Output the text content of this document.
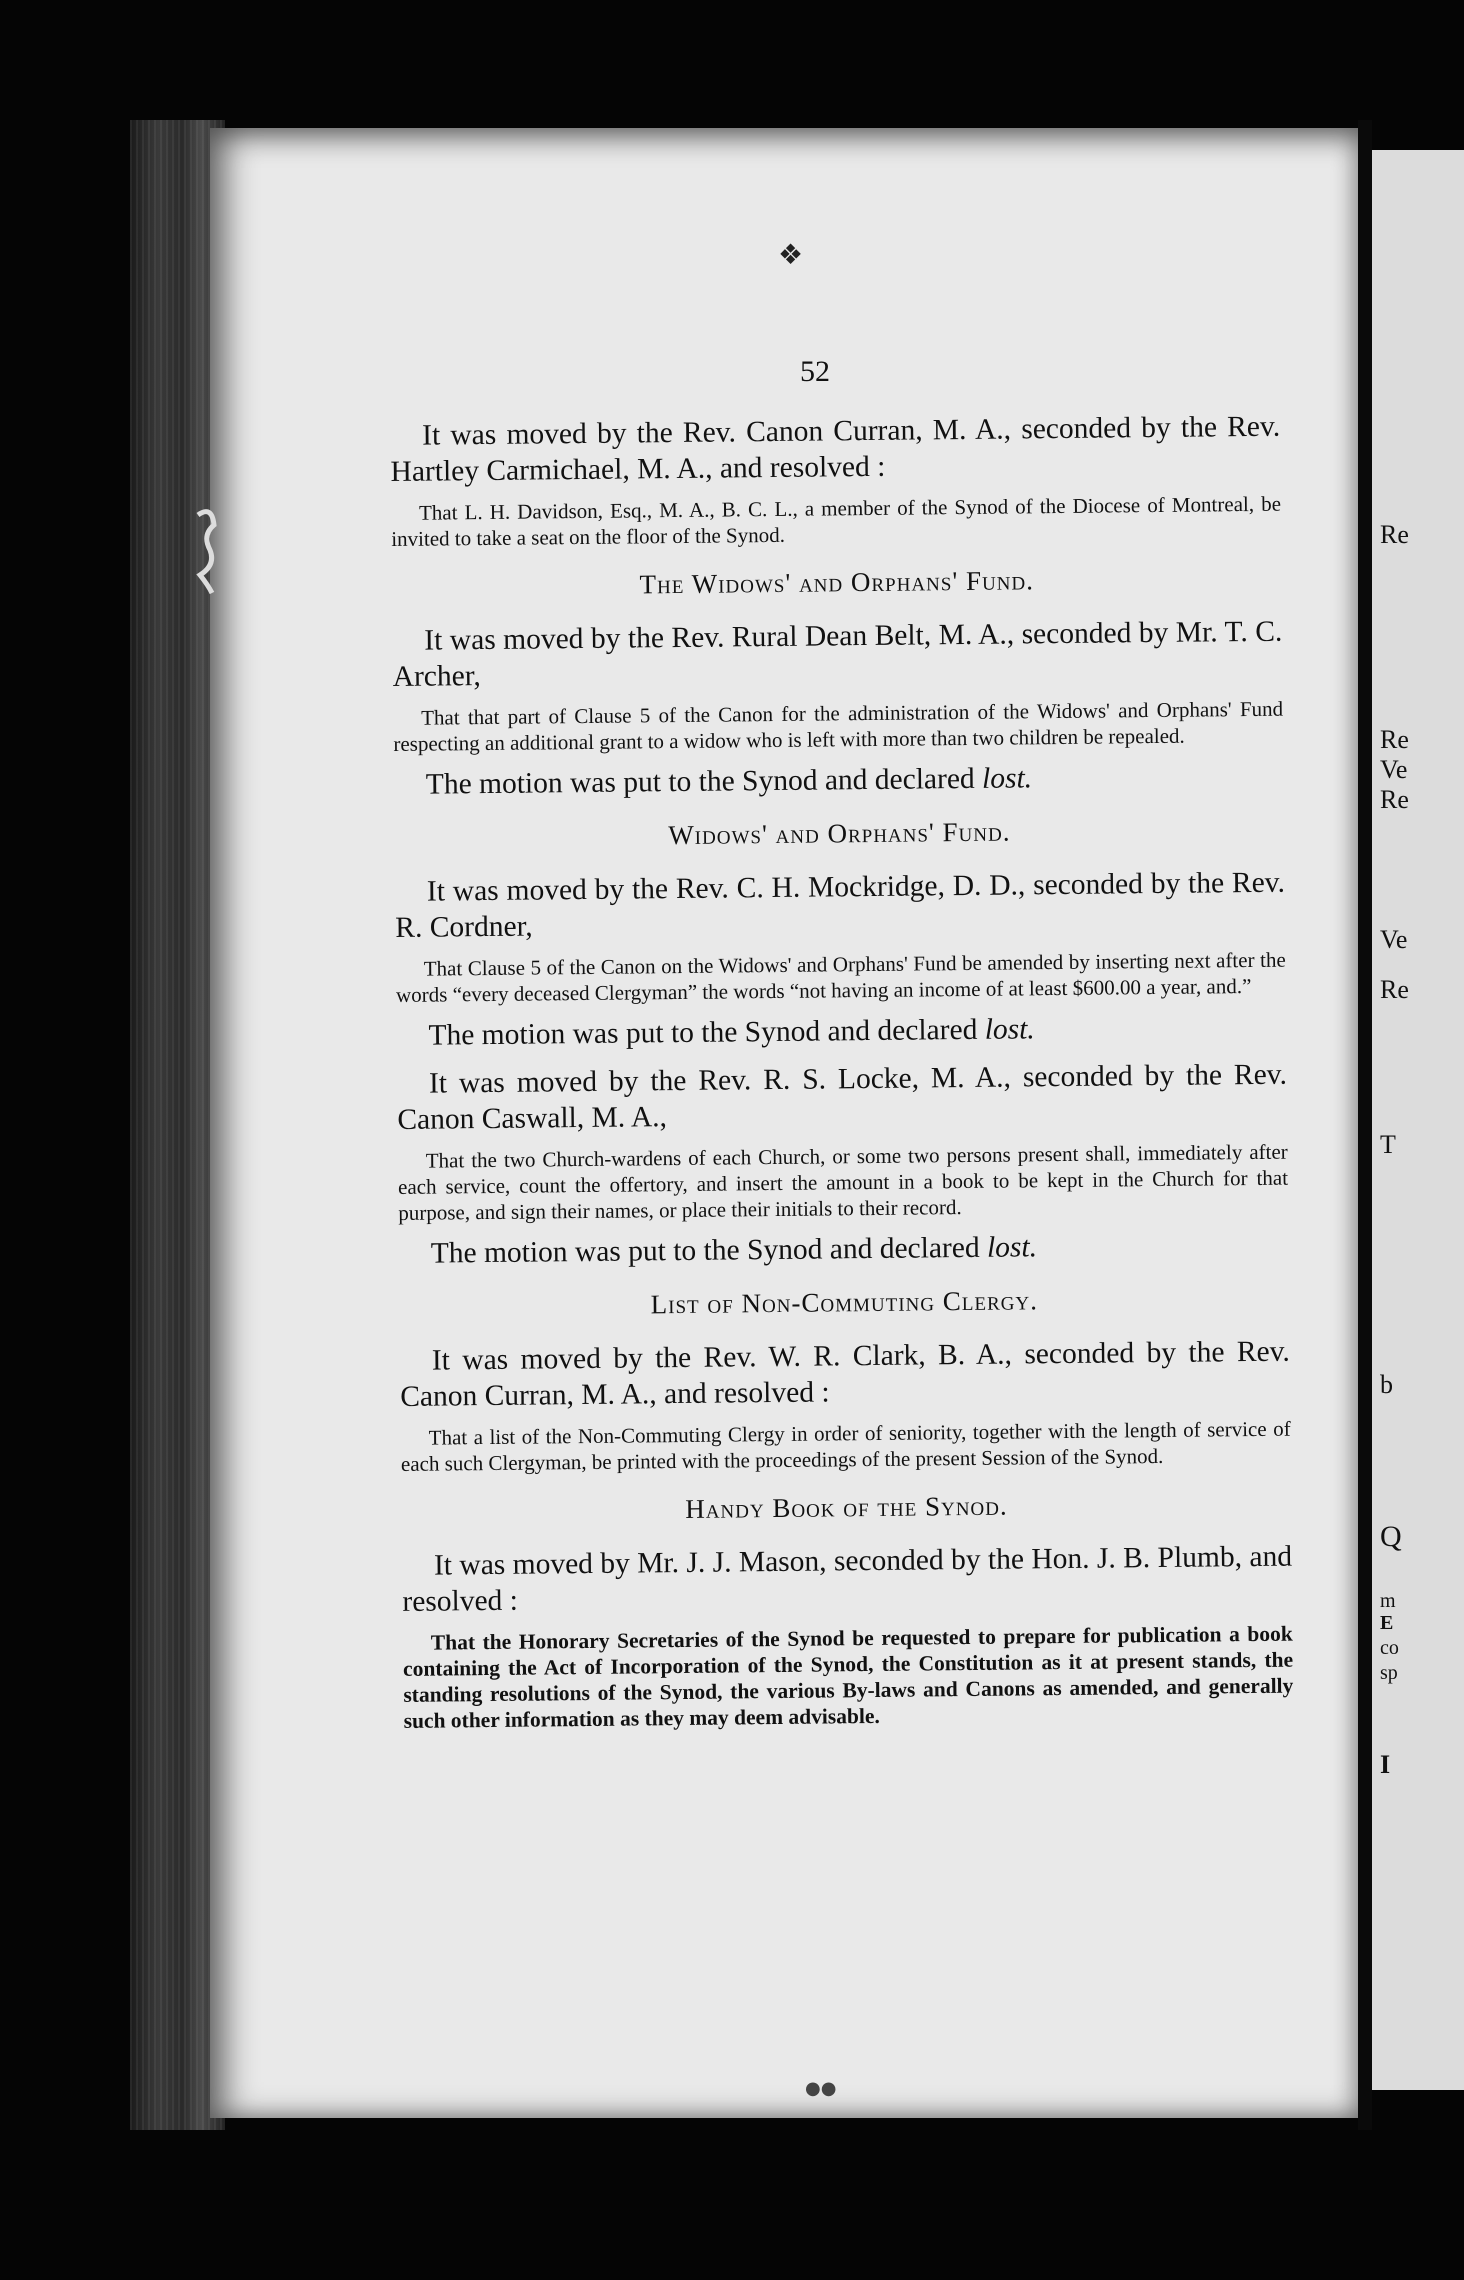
Re
Re
Ve
Re
Ve
Re
T
b
Q
m
E
co
sp
I
❖
52

It was moved by the Rev. Canon Curran, M. A., seconded by the Rev. Hartley Carmichael, M. A., and resolved :

That L. H. Davidson, Esq., M. A., B. C. L., a member of the Synod of the Diocese of Montreal, be invited to take a seat on the floor of the Synod.

The Widows' and Orphans' Fund.

It was moved by the Rev. Rural Dean Belt, M. A., seconded by Mr. T. C. Archer,

That that part of Clause 5 of the Canon for the administration of the Widows' and Orphans' Fund respecting an additional grant to a widow who is left with more than two children be repealed.

The motion was put to the Synod and declared lost.

Widows' and Orphans' Fund.

It was moved by the Rev. C. H. Mockridge, D. D., seconded by the Rev. R. Cordner,

That Clause 5 of the Canon on the Widows' and Orphans' Fund be amended by inserting next after the words “every deceased Clergyman” the words “not having an income of at least $600.00 a year, and.”

The motion was put to the Synod and declared lost.

It was moved by the Rev. R. S. Locke, M. A., seconded by the Rev. Canon Caswall, M. A.,

That the two Church-wardens of each Church, or some two persons present shall, immediately after each service, count the offertory, and insert the amount in a book to be kept in the Church for that purpose, and sign their names, or place their initials to their record.

The motion was put to the Synod and declared lost.

List of Non-Commuting Clergy.

It was moved by the Rev. W. R. Clark, B. A., seconded by the Rev. Canon Curran, M. A., and resolved :

That a list of the Non-Commuting Clergy in order of seniority, together with the length of service of each such Clergyman, be printed with the proceedings of the present Session of the Synod.

Handy Book of the Synod.

It was moved by Mr. J. J. Mason, seconded by the Hon. J. B. Plumb, and resolved :

That the Honorary Secretaries of the Synod be requested to prepare for publication a book containing the Act of Incorporation of the Synod, the Constitution as it at present stands, the standing resolutions of the Synod, the various By-laws and Canons as amended, and generally such other information as they may deem advisable.

●●
